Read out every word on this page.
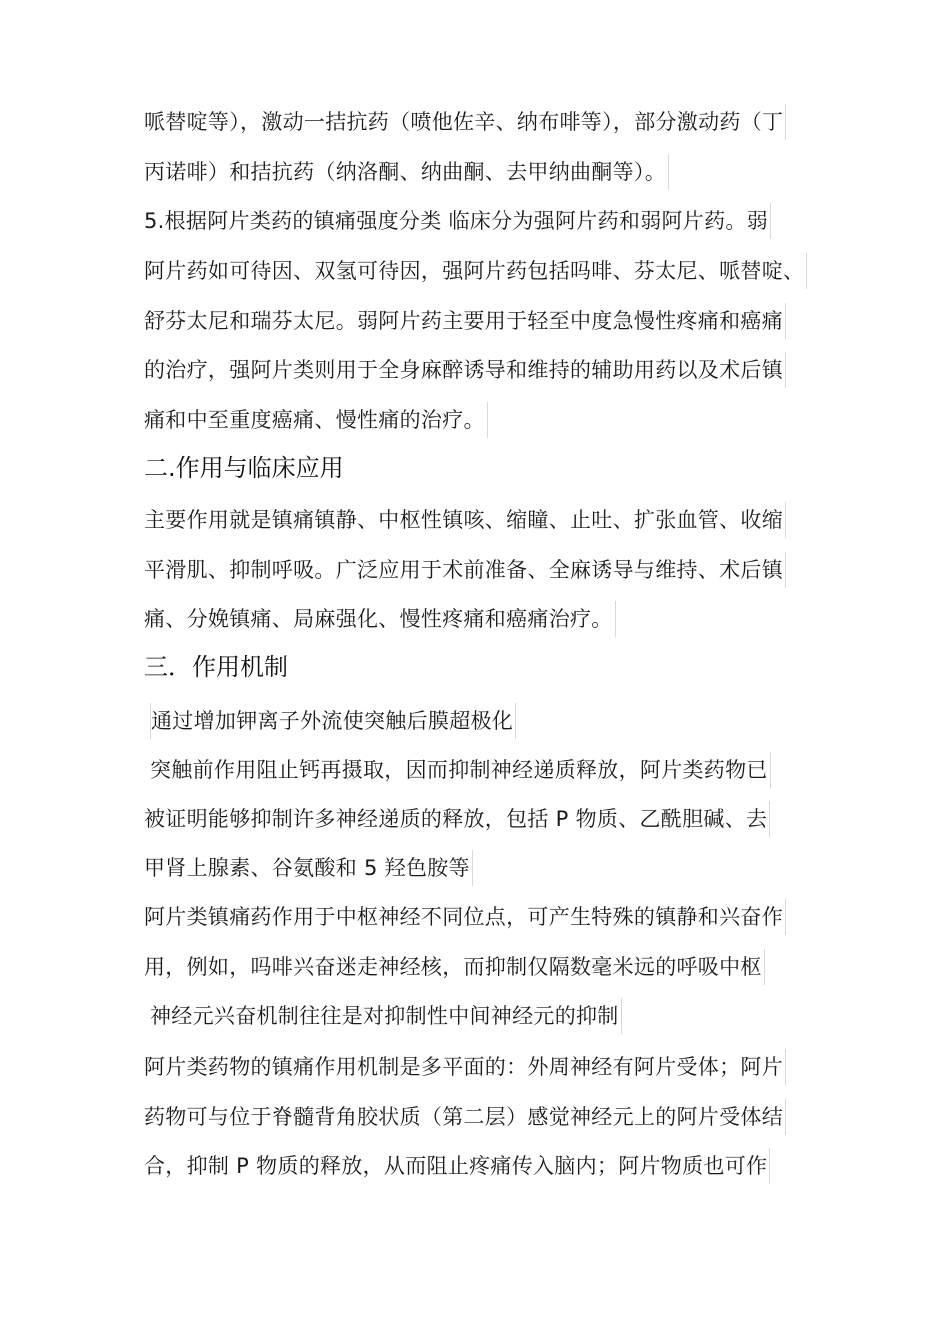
哌替啶等），激动一拮抗药（喷他佐辛、纳布啡等），部分激动药（丁
丙诺啡）和拮抗药（纳洛酮、纳曲酮、去甲纳曲酮等）。
5.根据阿片类药的镇痛强度分类 临床分为强阿片药和弱阿片药。弱
阿片药如可待因、双氢可待因，强阿片药包括吗啡、芬太尼、哌替啶、
舒芬太尼和瑞芬太尼。弱阿片药主要用于轻至中度急慢性疼痛和癌痛
的治疗，强阿片类则用于全身麻醉诱导和维持的辅助用药以及术后镇
痛和中至重度癌痛、慢性痛的治疗。
二.作用与临床应用
主要作用就是镇痛镇静、中枢性镇咳、缩瞳、止吐、扩张血管、收缩
平滑肌、抑制呼吸。广泛应用于术前准备、全麻诱导与维持、术后镇
痛、分娩镇痛、局麻强化、慢性疼痛和癌痛治疗。
三．作用机制
通过增加钾离子外流使突触后膜超极化
突触前作用阻止钙再摄取，因而抑制神经递质释放，阿片类药物已
被证明能够抑制许多神经递质的释放，包括 P 物质、乙酰胆碱、去
甲肾上腺素、谷氨酸和 5 羟色胺等
阿片类镇痛药作用于中枢神经不同位点，可产生特殊的镇静和兴奋作
用，例如，吗啡兴奋迷走神经核，而抑制仅隔数毫米远的呼吸中枢
神经元兴奋机制往往是对抑制性中间神经元的抑制
阿片类药物的镇痛作用机制是多平面的：外周神经有阿片受体；阿片
药物可与位于脊髓背角胶状质（第二层）感觉神经元上的阿片受体结
合，抑制 P 物质的释放，从而阻止疼痛传入脑内；阿片物质也可作
